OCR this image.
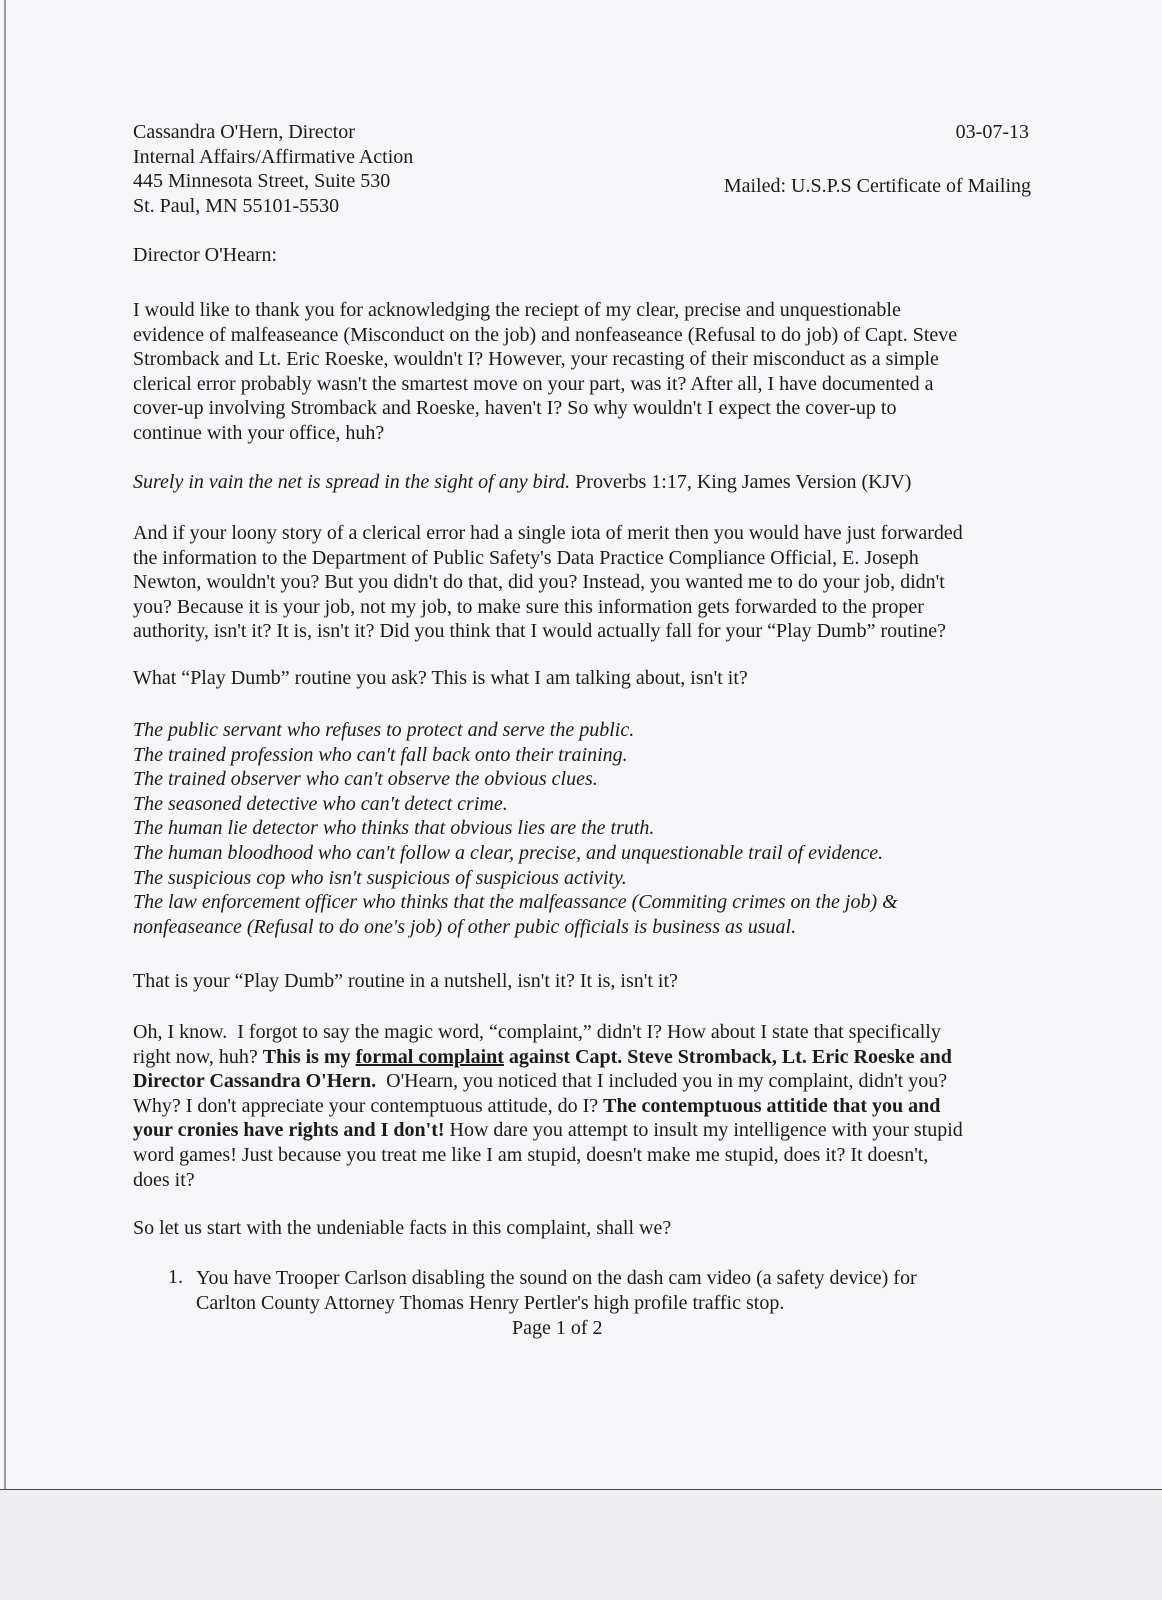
Cassandra O'Hern, Director
Internal Affairs/Affirmative Action
445 Minnesota Street, Suite 530
St. Paul, MN 55101-5530
03-07-13
Mailed: U.S.P.S Certificate of Mailing
Director O'Hearn:
I would like to thank you for acknowledging the reciept of my clear, precise and unquestionable
evidence of malfeaseance (Misconduct on the job) and nonfeaseance (Refusal to do job) of Capt. Steve
Stromback and Lt. Eric Roeske, wouldn't I? However, your recasting of their misconduct as a simple
clerical error probably wasn't the smartest move on your part, was it? After all, I have documented a
cover-up involving Stromback and Roeske, haven't I? So why wouldn't I expect the cover-up to
continue with your office, huh?
Surely in vain the net is spread in the sight of any bird. Proverbs 1:17, King James Version (KJV)
And if your loony story of a clerical error had a single iota of merit then you would have just forwarded
the information to the Department of Public Safety's Data Practice Compliance Official, E. Joseph
Newton, wouldn't you? But you didn't do that, did you? Instead, you wanted me to do your job, didn't
you? Because it is your job, not my job, to make sure this information gets forwarded to the proper
authority, isn't it? It is, isn't it? Did you think that I would actually fall for your “Play Dumb” routine?
What “Play Dumb” routine you ask? This is what I am talking about, isn't it?
The public servant who refuses to protect and serve the public.
The trained profession who can't fall back onto their training.
The trained observer who can't observe the obvious clues.
The seasoned detective who can't detect crime.
The human lie detector who thinks that obvious lies are the truth.
The human bloodhood who can't follow a clear, precise, and unquestionable trail of evidence.
The suspicious cop who isn't suspicious of suspicious activity.
The law enforcement officer who thinks that the malfeassance (Commiting crimes on the job) &
nonfeaseance (Refusal to do one's job) of other pubic officials is business as usual.
That is your “Play Dumb” routine in a nutshell, isn't it? It is, isn't it?
Oh, I know.  I forgot to say the magic word, “complaint,” didn't I? How about I state that specifically
right now, huh? This is my formal complaint against Capt. Steve Stromback, Lt. Eric Roeske and
Director Cassandra O'Hern.  O'Hearn, you noticed that I included you in my complaint, didn't you?
Why? I don't appreciate your contemptuous attitude, do I? The contemptuous attitide that you and
your cronies have rights and I don't! How dare you attempt to insult my intelligence with your stupid
word games! Just because you treat me like I am stupid, doesn't make me stupid, does it? It doesn't,
does it?
So let us start with the undeniable facts in this complaint, shall we?
1. You have Trooper Carlson disabling the sound on the dash cam video (a safety device) for
Carlton County Attorney Thomas Henry Pertler's high profile traffic stop.
Page 1 of 2
